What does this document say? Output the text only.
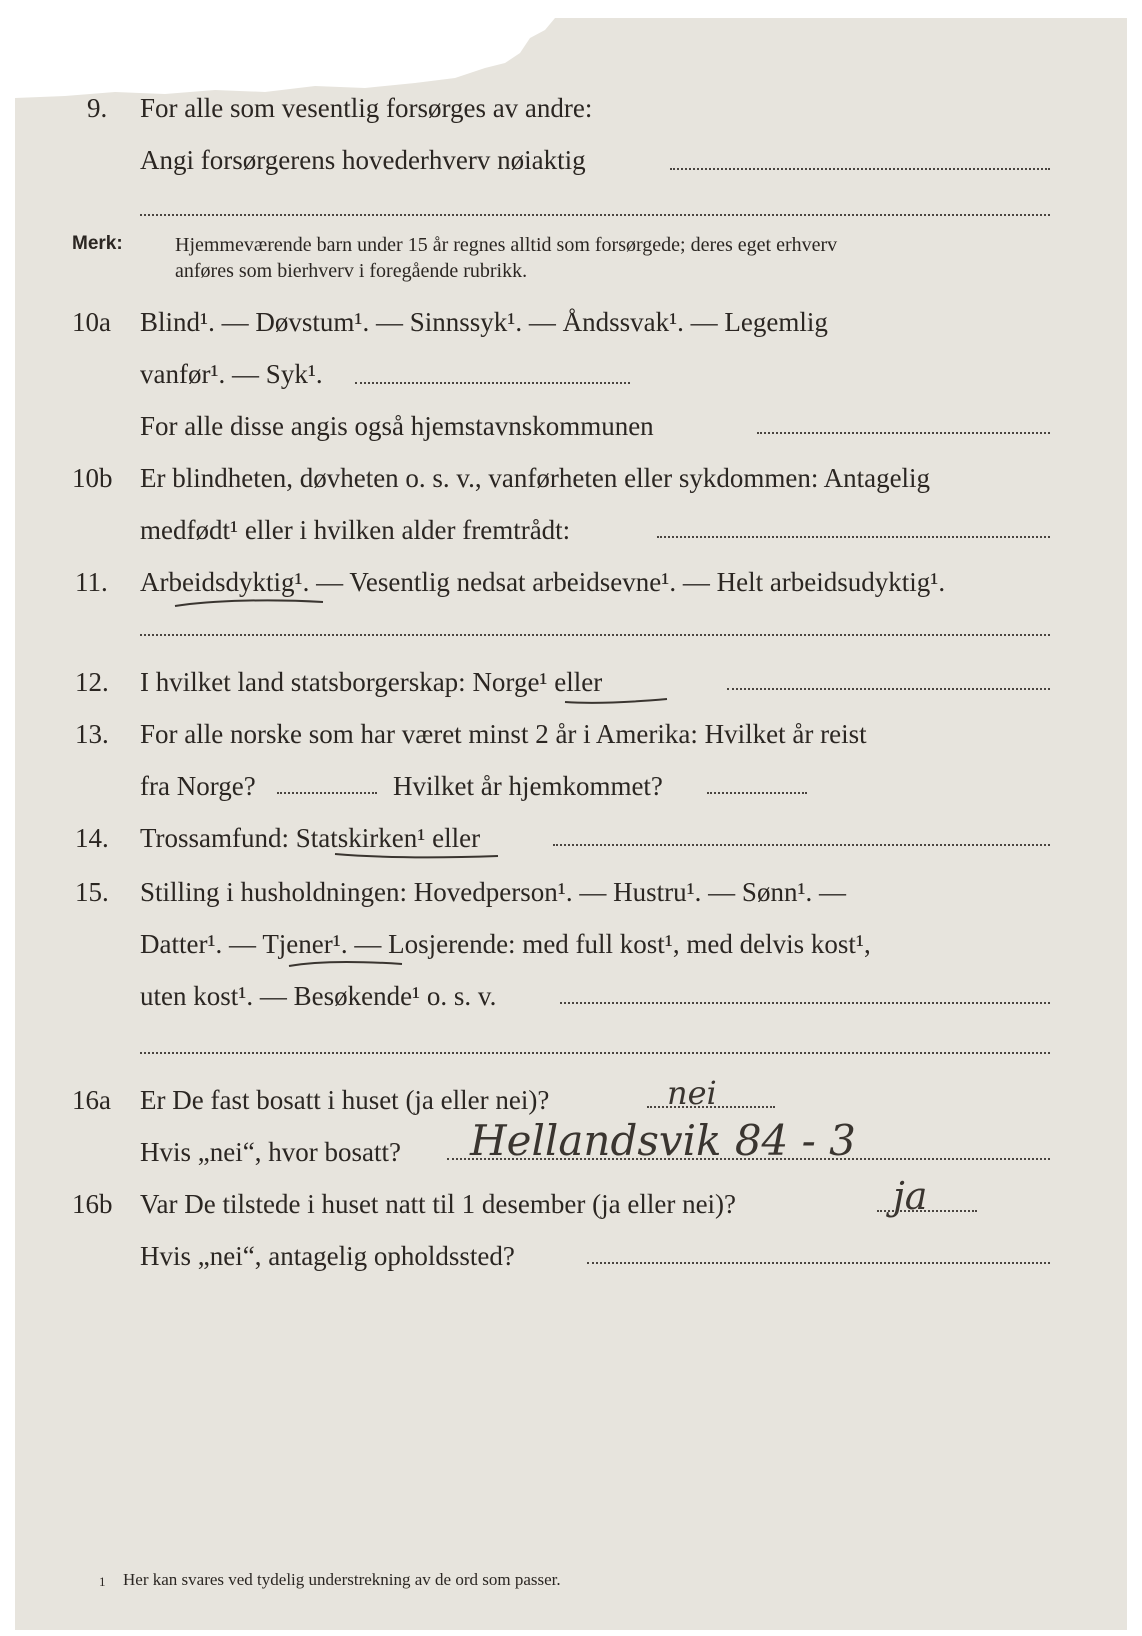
9. For alle som vesentlig forsørges av andre:
Angi forsørgerens hovederhverv nøiaktig
Merk:	Hjemmeværende barn under 15 år regnes alltid som forsørgede; deres eget erhverv
anføres som bierhverv i foregående rubrikk.
10a Blind¹. — Døvstum¹. — Sinnssyk¹. — Åndssvak¹. — Legemlig
vanfør¹. — Syk¹.
For alle disse angis også hjemstavnskommunen
10b Er blindheten, døvheten o. s. v., vanførheten eller sykdommen: Antagelig
medfødt¹ eller i hvilken alder fremtrådt:
11. Arbeidsdyktig¹. — Vesentlig nedsat arbeidsevne¹. — Helt arbeidsudyktig¹.
12. I hvilket land statsborgerskap: Norge¹ eller
13. For alle norske som har været minst 2 år i Amerika: Hvilket år reist
fra Norge?	Hvilket år hjemkommet?
14. Trossamfund: Statskirken¹ eller
15. Stilling i husholdningen: Hovedperson¹. — Hustru¹. — Sønn¹. —
Datter¹. — Tjener¹. — Losjerende: med full kost¹, med delvis kost¹,
uten kost¹. — Besøkende¹ o. s. v.
16a Er De fast bosatt i huset (ja eller nei)?	nei
Hvis „nei“, hvor bosatt? Hellandsvik 84 - 3
16b Var De tilstede i huset natt til 1 desember (ja eller nei)?	ja
Hvis „nei“, antagelig opholdssted?
1 Her kan svares ved tydelig understrekning av de ord som passer.
